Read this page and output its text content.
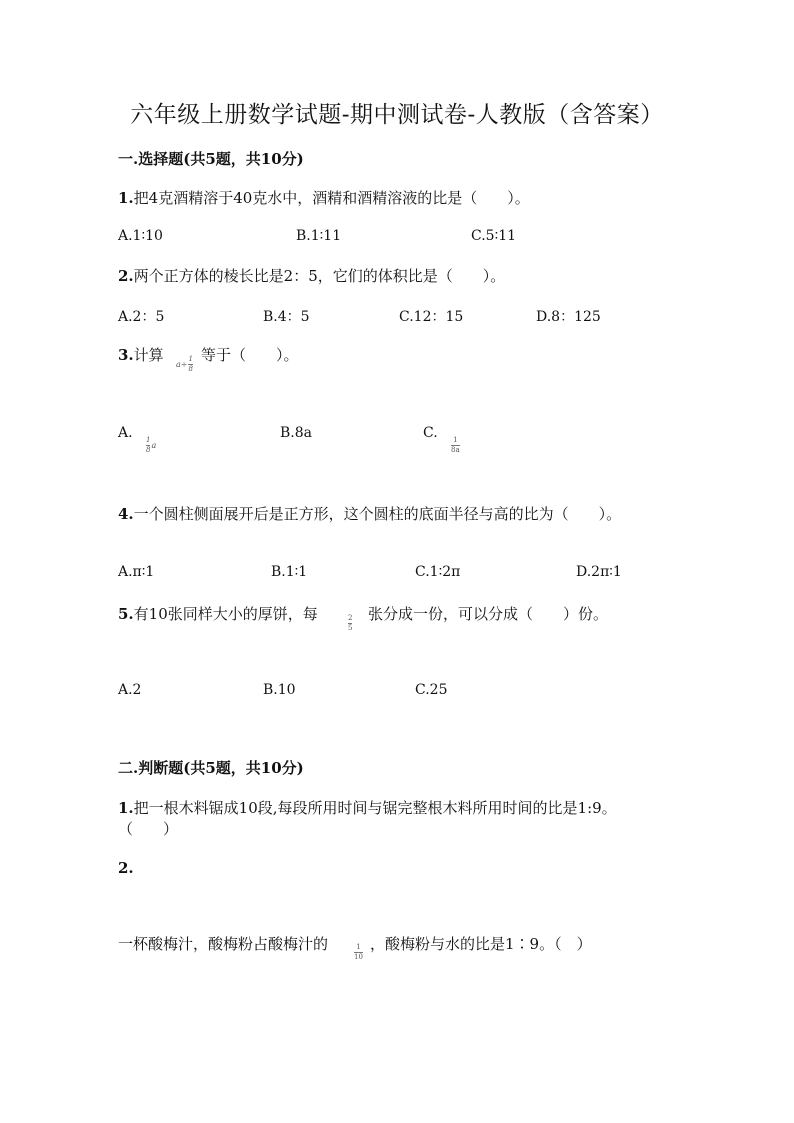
六年级上册数学试题-期中测试卷-人教版（含答案）
一.选择题(共5题，共10分)
1.把4克酒精溶于40克水中，酒精和酒精溶液的比是（　　）。
A.1∶10	B.1∶11	C.5∶11
2.两个正方体的棱长比是2：5，它们的体积比是（　　）。
A.2：5	B.4：5	C.12：15	D.8：125
3.计算 $a\div \frac{1}{8}$ 等于（　　）。
A.
$\frac{1}{8}$ a
B.8a	C. 1
8a
4.一个圆柱侧面展开后是正方形，这个圆柱的底面半径与高的比为（　　）。
A.π∶1	B.1∶1	C.1∶2π	D.2π∶1
5.有10张同样大小的厚饼，每	2
5
张分成一份，可以分成（　　）份。
A.2	B.10	C.25
二.判断题(共5题，共10分)
1.把一根木料锯成10段,每段所用时间与锯完整根木料所用时间的比是1:9。
（　　）
2.
一杯酸梅汁，酸梅粉占酸梅汁的	1
10
，酸梅粉与水的比是1∶9。（　）
